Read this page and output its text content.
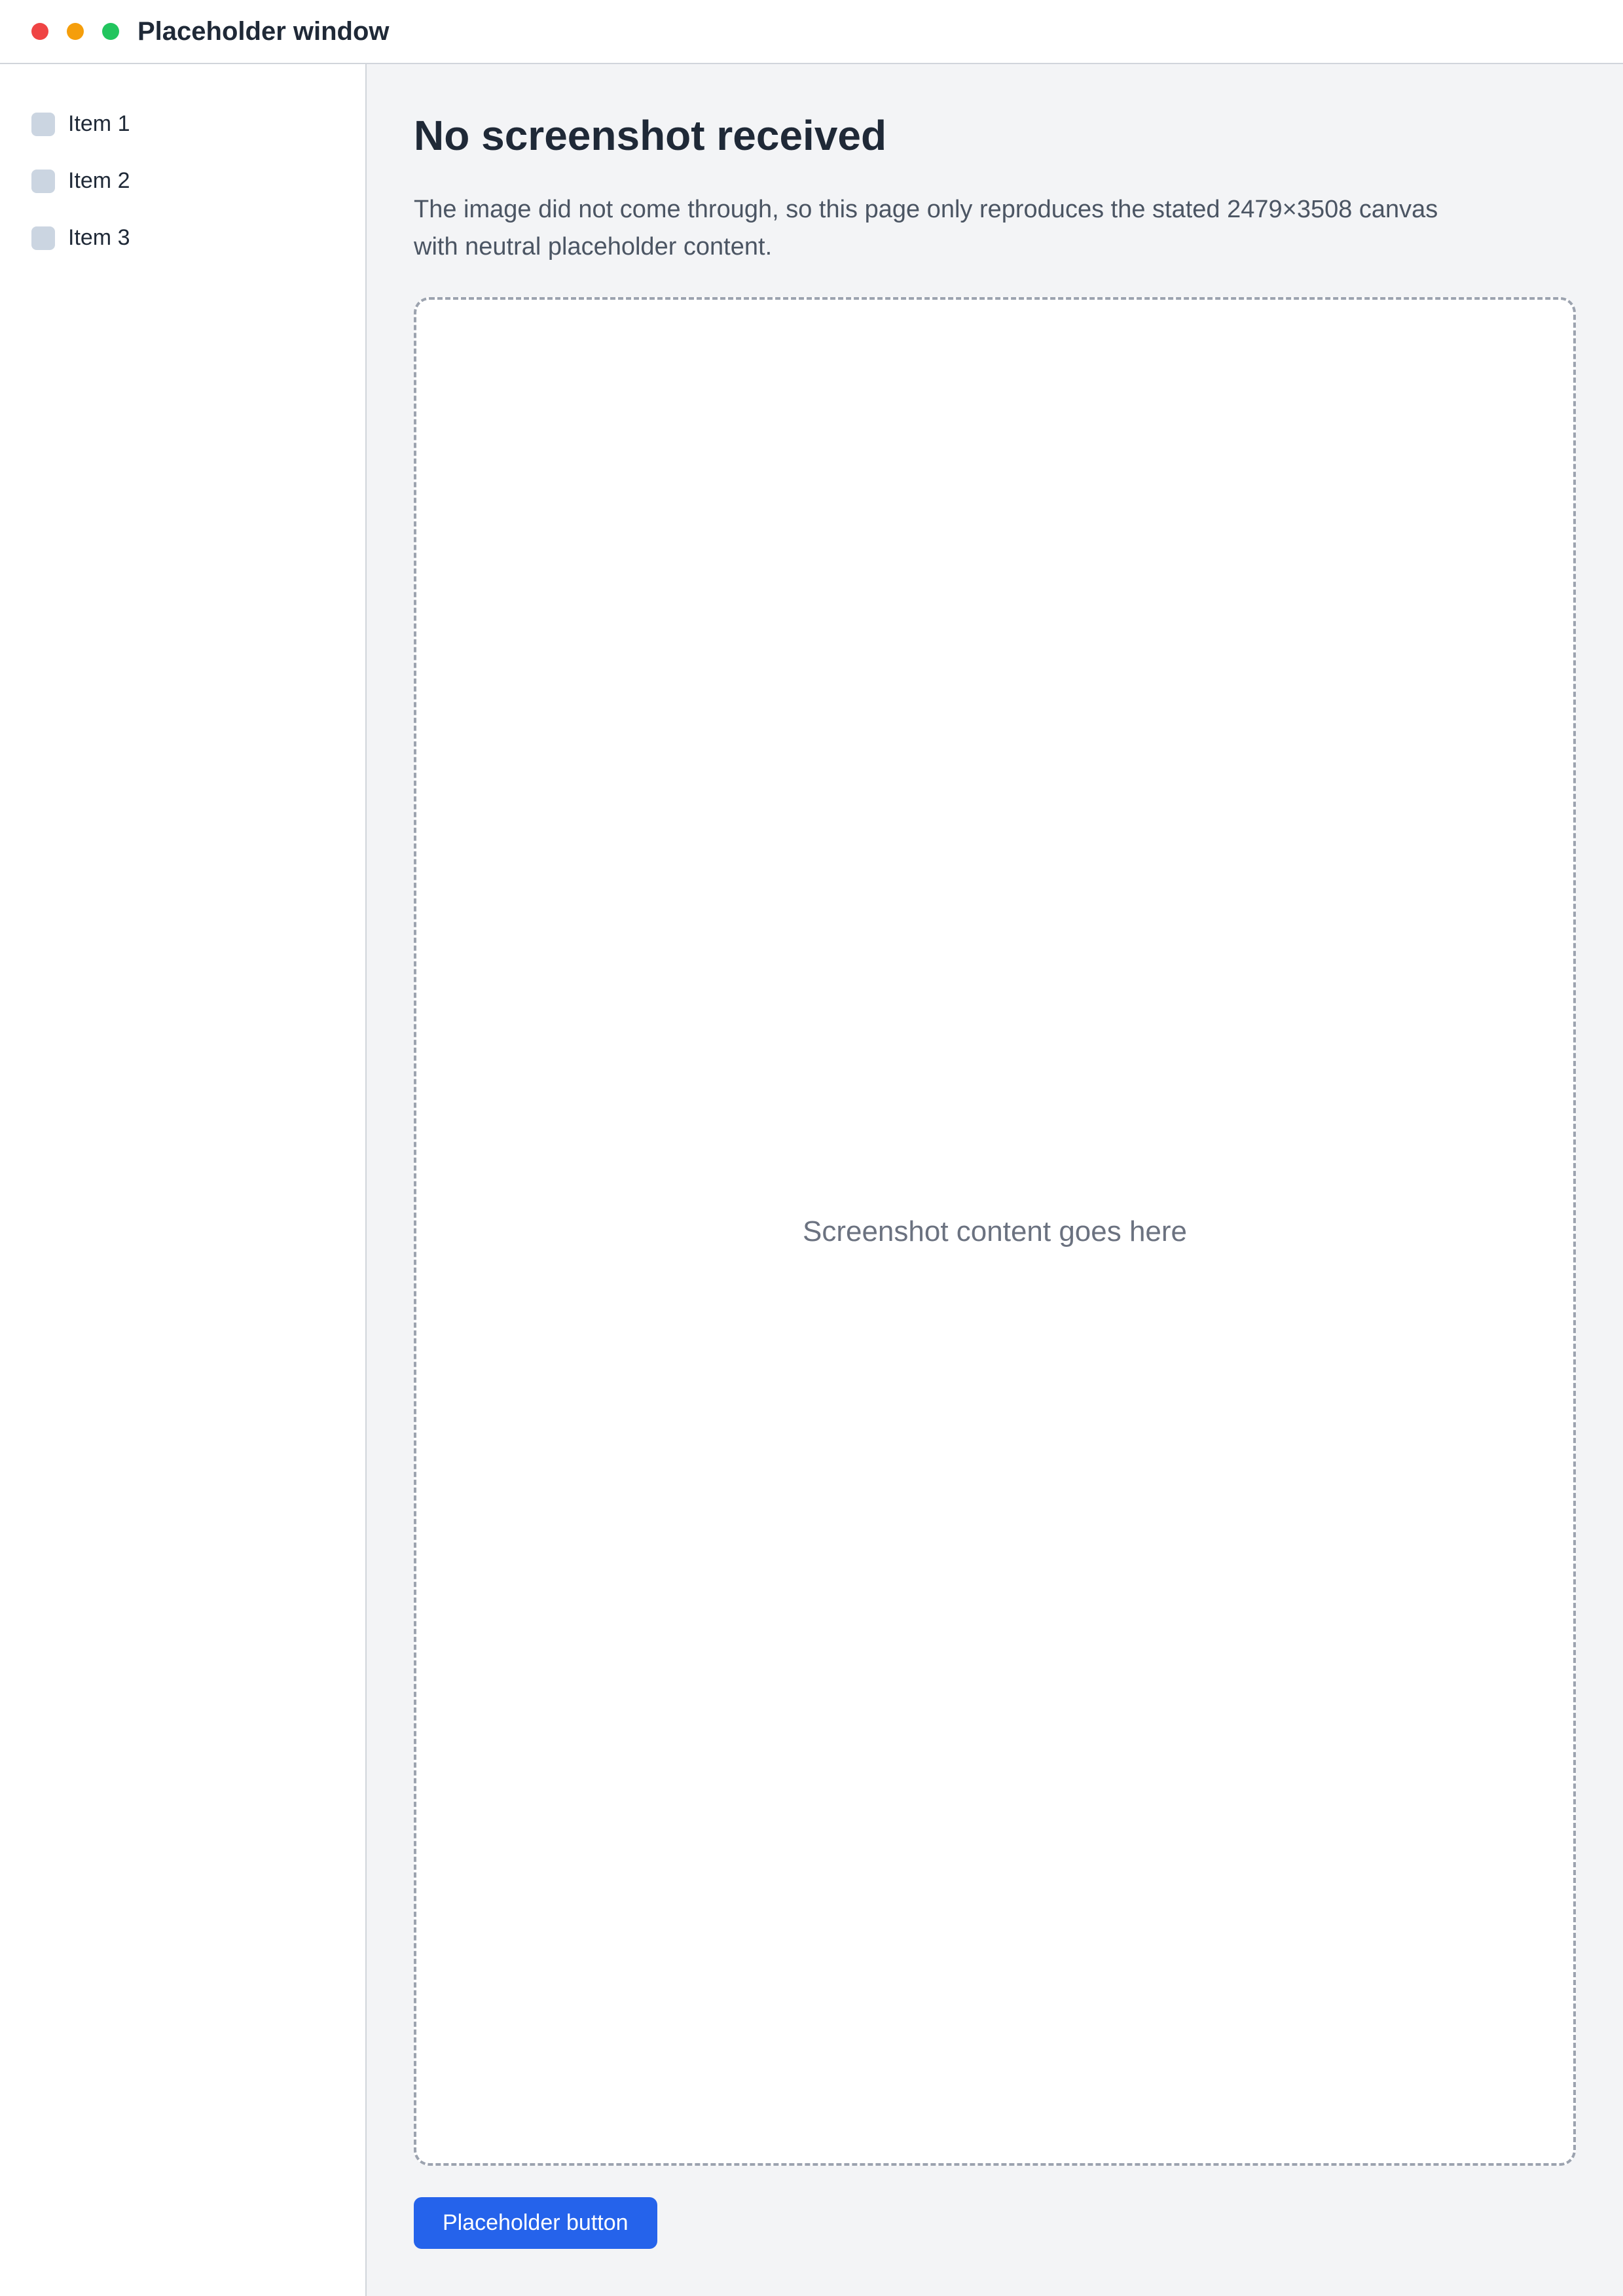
Placeholder window
Item 1
Item 2
Item 3
No screenshot received

The image did not come through, so this page only reproduces the stated 2479×3508 canvas with neutral placeholder content.

Screenshot content goes here
Placeholder button
